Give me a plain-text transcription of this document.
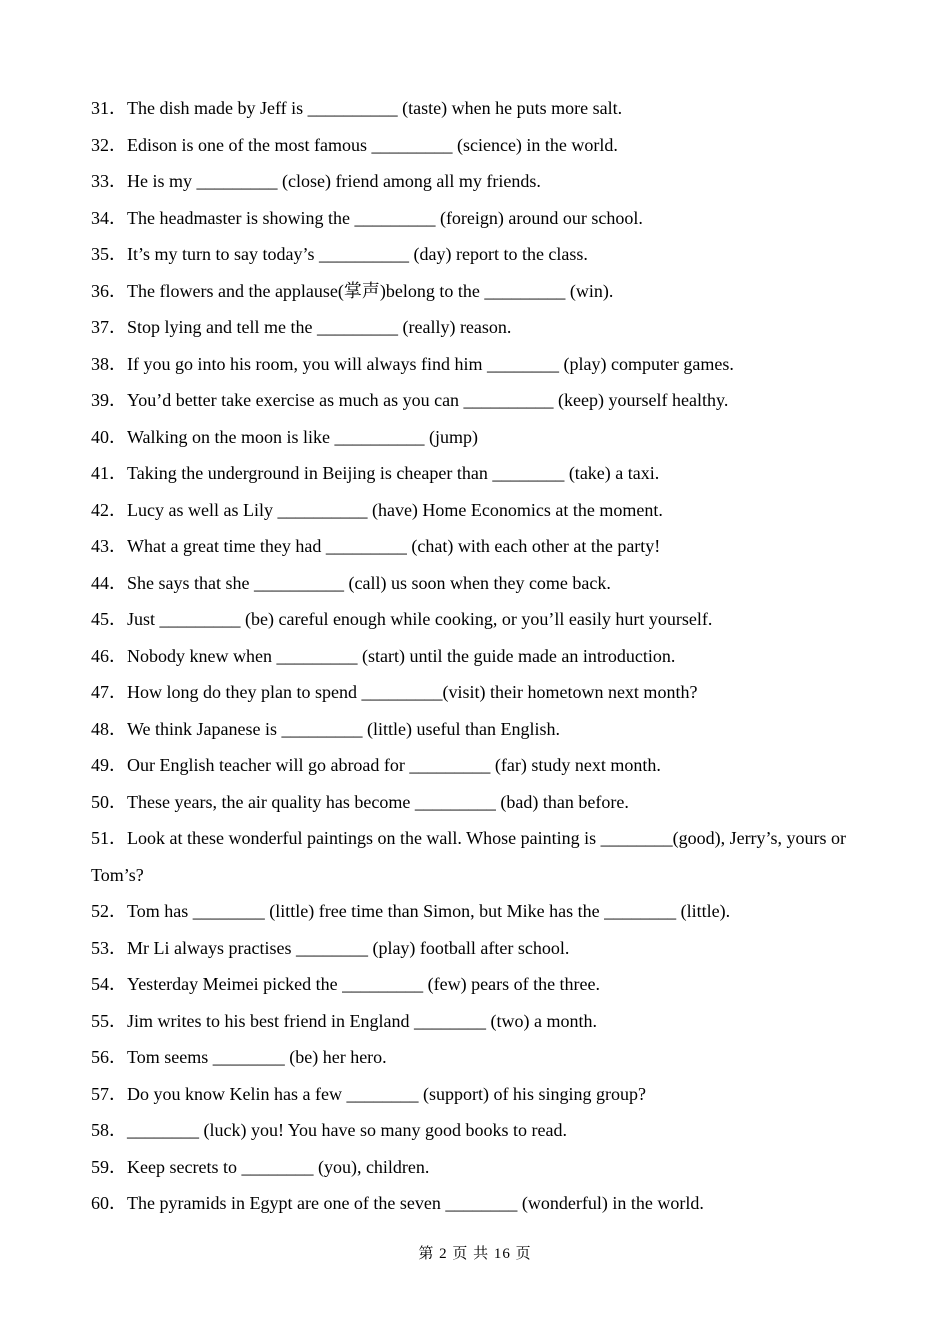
31．The dish made by Jeff is __________ (taste) when he puts more salt.
32．Edison is one of the most famous _________ (science) in the world.
33．He is my _________ (close) friend among all my friends.
34．The headmaster is showing the _________ (foreign) around our school.
35．It’s my turn to say today’s __________ (day) report to the class.
36．The flowers and the applause(掌声)belong to the _________ (win).
37．Stop lying and tell me the _________ (really) reason.
38．If you go into his room, you will always find him ________ (play) computer games.
39．You’d better take exercise as much as you can __________ (keep) yourself healthy.
40．Walking on the moon is like __________ (jump)
41．Taking the underground in Beijing is cheaper than ________ (take) a taxi.
42．Lucy as well as Lily __________ (have) Home Economics at the moment.
43．What a great time they had _________ (chat) with each other at the party!
44．She says that she __________ (call) us soon when they come back.
45．Just _________ (be) careful enough while cooking, or you’ll easily hurt yourself.
46．Nobody knew when _________ (start) until the guide made an introduction.
47．How long do they plan to spend _________(visit) their hometown next month?
48．We think Japanese is _________ (little) useful than English.
49．Our English teacher will go abroad for _________ (far) study next month.
50．These years, the air quality has become _________ (bad) than before.
51．Look at these wonderful paintings on the wall. Whose painting is ________(good), Jerry’s, yours or Tom’s?
52．Tom has ________ (little) free time than Simon, but Mike has the ________ (little).
53．Mr Li always practises ________ (play) football after school.
54．Yesterday Meimei picked the _________ (few) pears of the three.
55．Jim writes to his best friend in England ________ (two) a month.
56．Tom seems ________ (be) her hero.
57．Do you know Kelin has a few ________ (support) of his singing group?
58．________ (luck) you! You have so many good books to read.
59．Keep secrets to ________ (you), children.
60．The pyramids in Egypt are one of the seven ________ (wonderful) in the world.
第 2 页 共 16 页
